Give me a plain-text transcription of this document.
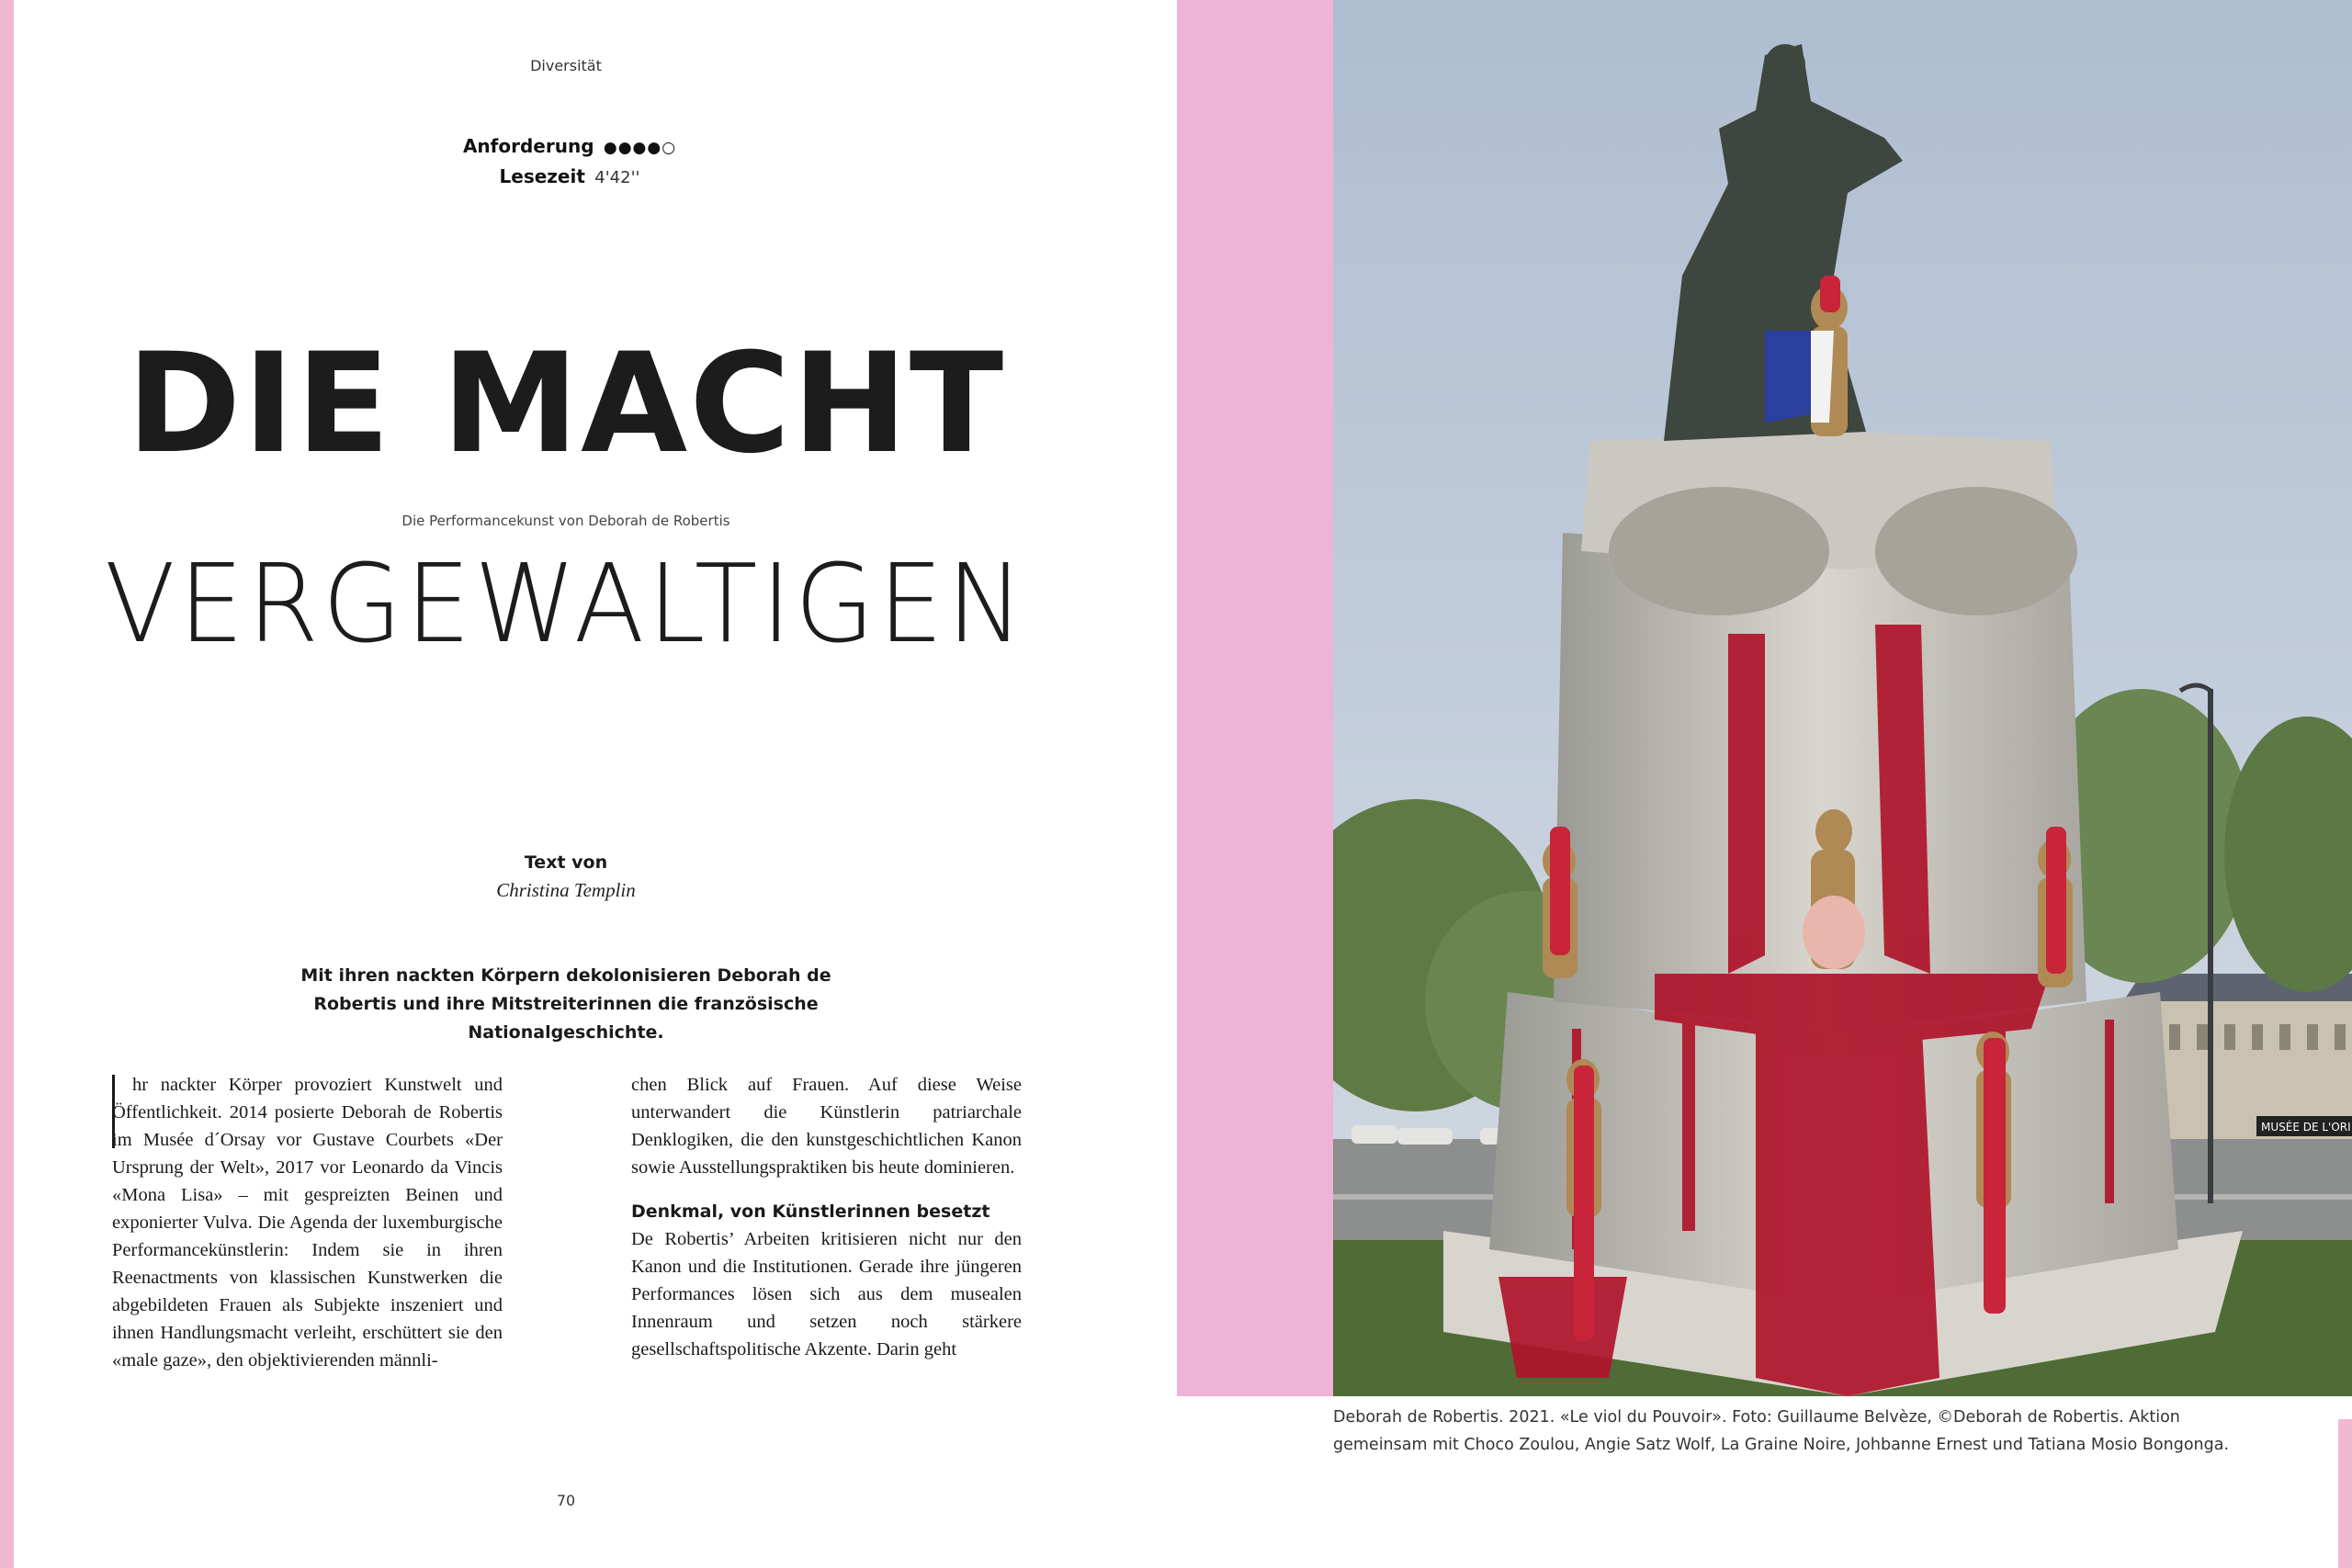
Diversität
Anforderung ●●●●○
Lesezeit 4'42''
DIE MACHT
Die Performancekunst von Deborah de Robertis
VERGEWALTIGEN
Text von
Christina Templin
Mit ihren nackten Körpern dekolonisieren Deborah de Robertis und ihre Mitstreiterinnen die französische Nationalgeschichte.

hr nackter Körper provoziert Kunstwelt und Öffentlichkeit. 2014 posierte Deborah de Robertis im Musée d´Orsay vor Gustave Courbets «Der Ursprung der Welt», 2017 vor Leonardo da Vincis «Mona Lisa» – mit gespreizten Beinen und exponierter Vulva. Die Agenda der luxemburgische Performancekünstlerin: Indem sie in ihren Reenactments von klassischen Kunstwerken die abgebildeten Frauen als Subjekte inszeniert und ihnen Handlungsmacht verleiht, erschüttert sie den «male gaze», den objektivierenden männli-

chen Blick auf Frauen. Auf diese Weise unterwandert die Künstlerin patriarchale Denklogiken, die den kunstgeschichtlichen Kanon sowie Ausstellungspraktiken bis heute dominieren.

Denkmal, von Künstlerinnen besetzt

De Robertis’ Arbeiten kritisieren nicht nur den Kanon und die Institutionen. Gerade ihre jüngeren Performances lösen sich aus dem musealen Innenraum und setzen noch stärkere gesellschaftspolitische Akzente. Darin geht

70
MUSÉE DE L'ORI
Deborah de Robertis. 2021. «Le viol du Pouvoir». Foto: Guillaume Belvèze, ©Deborah de Robertis. Aktion gemeinsam mit Choco Zoulou, Angie Satz Wolf, La Graine Noire, Johbanne Ernest und Tatiana Mosio Bongonga.
